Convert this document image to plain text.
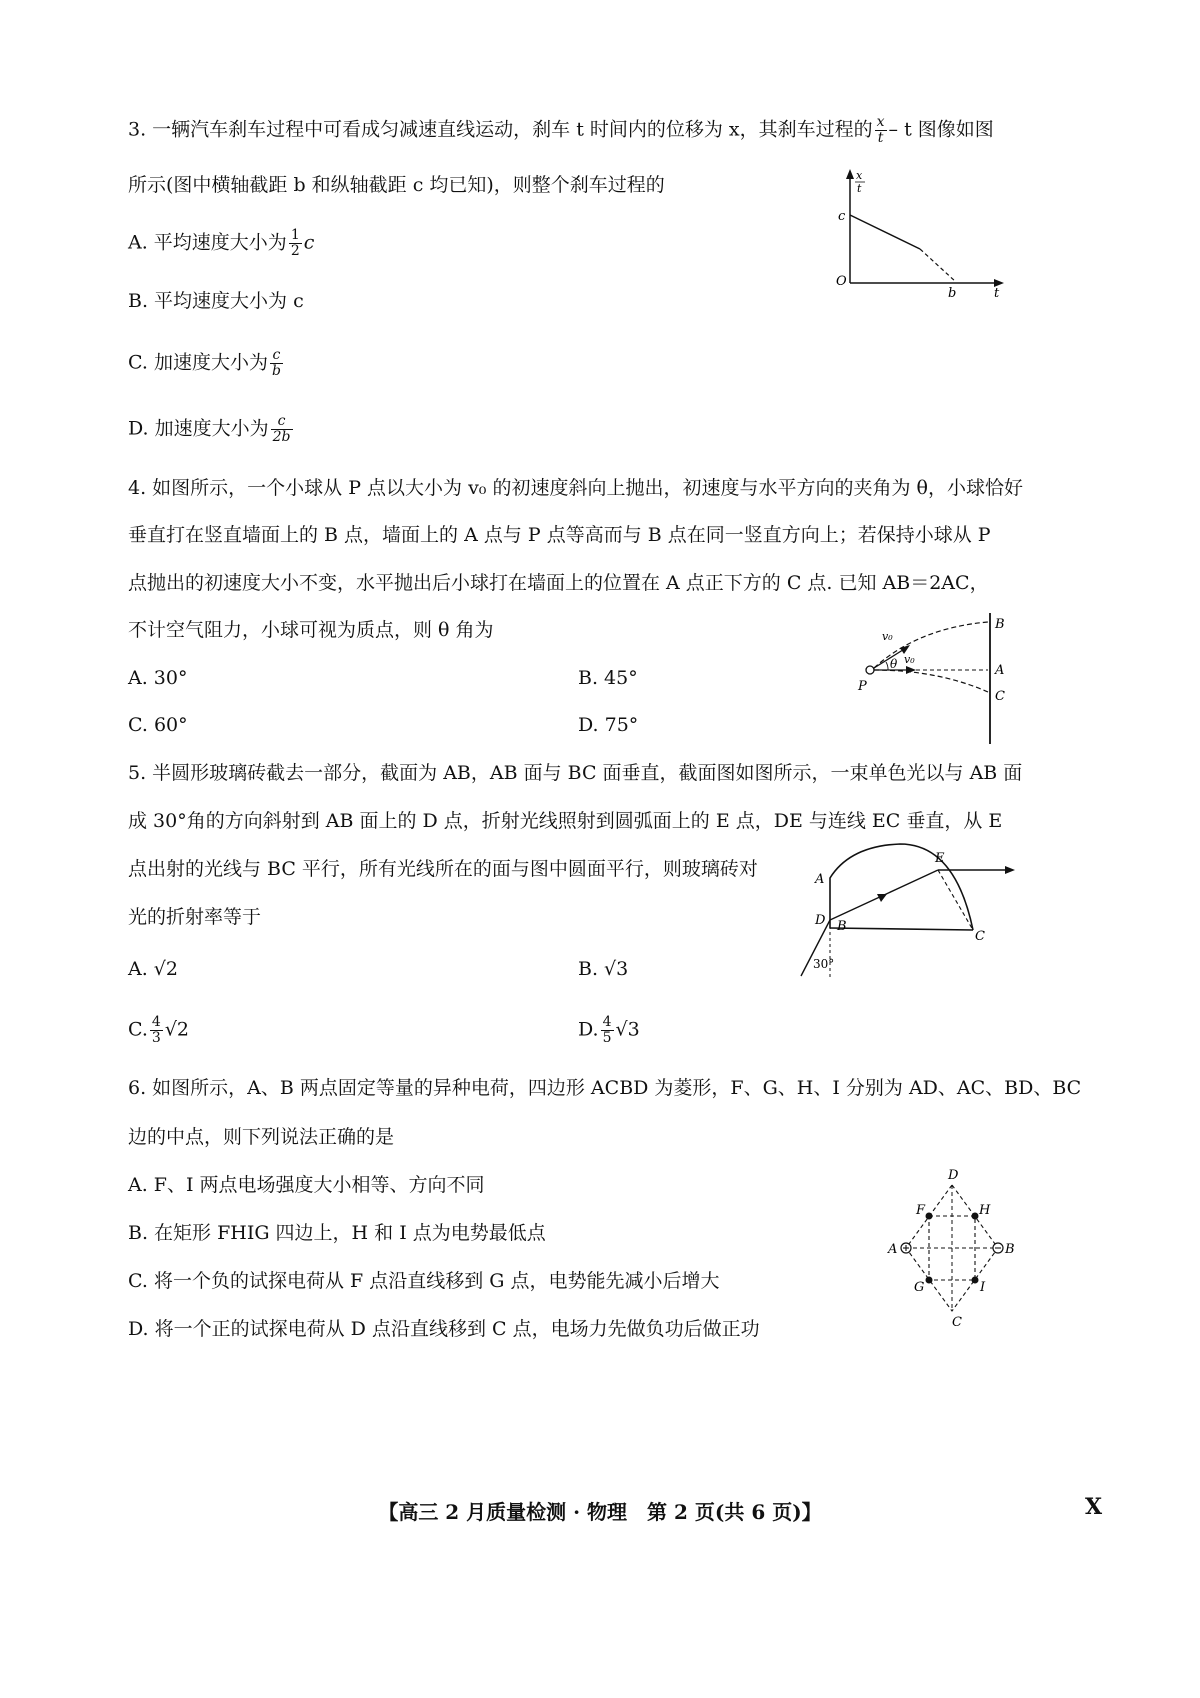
3. 一辆汽车刹车过程中可看成匀减速直线运动，刹车 t 时间内的位移为 x，其刹车过程的 $\frac{x}{t}$ – t 图像如图
所示(图中横轴截距 b 和纵轴截距 c 均已知)，则整个刹车过程的
A. 平均速度大小为 $\frac{1}{2}$ c
B. 平均速度大小为 c
C. 加速度大小为 $\frac{c}{b}$
D. 加速度大小为 $\frac{c}{2b}$
x
t
c
O
b	t
4. 如图所示，一个小球从 P 点以大小为 v₀ 的初速度斜向上抛出，初速度与水平方向的夹角为 θ，小球恰好
垂直打在竖直墙面上的 B 点，墙面上的 A 点与 P 点等高而与 B 点在同一竖直方向上；若保持小球从 P
点抛出的初速度大小不变，水平抛出后小球打在墙面上的位置在 A 点正下方的 C 点. 已知 AB＝2AC，
不计空气阻力，小球可视为质点，则 θ 角为
A. 30°	B. 45°
C. 60°	D. 75°
v₀
v₀
θ
P
B
A
C
5. 半圆形玻璃砖截去一部分，截面为 AB，AB 面与 BC 面垂直，截面图如图所示，一束单色光以与 AB 面
成 30°角的方向斜射到 AB 面上的 D 点，折射光线照射到圆弧面上的 E 点，DE 与连线 EC 垂直，从 E
点出射的光线与 BC 平行，所有光线所在的面与图中圆面平行，则玻璃砖对
光的折射率等于
A. √2	B. √3
C. $\frac{4}{3} √2$	D. $\frac{4}{5} √3$
A
E
D B
C
30°
6. 如图所示，A、B 两点固定等量的异种电荷，四边形 ACBD 为菱形，F、G、H、I 分别为 AD、AC、BD、BC
边的中点，则下列说法正确的是
A. F、I 两点电场强度大小相等、方向不同
B. 在矩形 FHIG 四边上，H 和 I 点为电势最低点
C. 将一个负的试探电荷从 F 点沿直线移到 G 点，电势能先减小后增大
D. 将一个正的试探电荷从 D 点沿直线移到 C 点，电场力先做负功后做正功
D
F	H
A	B
G	I
C
【高三 2 月质量检测 · 物理　第 2 页(共 6 页)】	X
